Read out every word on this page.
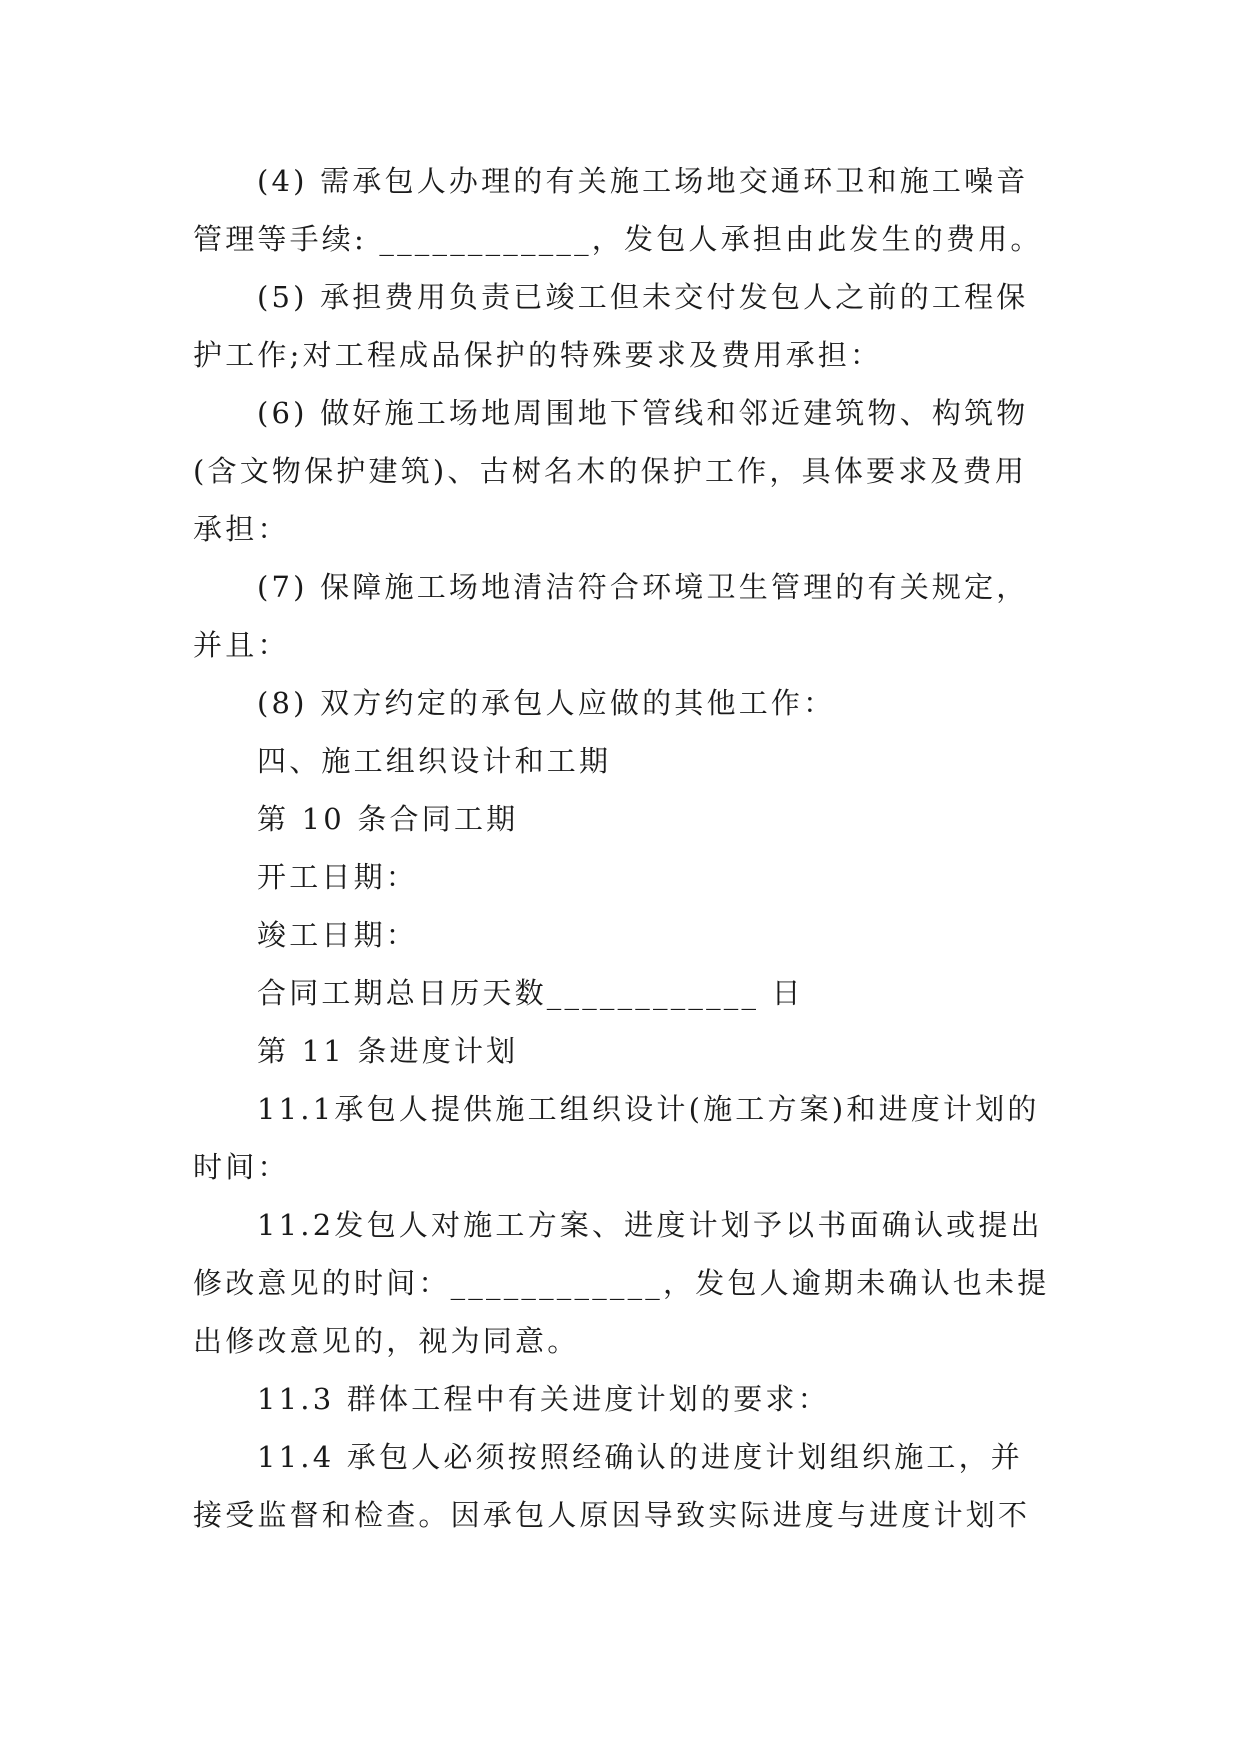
(4) 需承包人办理的有关施工场地交通环卫和施工噪音管理等手续: ____________，发包人承担由此发生的费用。

(5) 承担费用负责已竣工但未交付发包人之前的工程保护工作;对工程成品保护的特殊要求及费用承担：

(6) 做好施工场地周围地下管线和邻近建筑物、构筑物(含文物保护建筑)、古树名木的保护工作，具体要求及费用承担：

(7) 保障施工场地清洁符合环境卫生管理的有关规定，并且：

(8) 双方约定的承包人应做的其他工作：

四、施工组织设计和工期

第 10 条合同工期

开工日期：

竣工日期：

合同工期总日历天数____________ 日

第 11 条进度计划

11.1承包人提供施工组织设计(施工方案)和进度计划的时间：

11.2发包人对施工方案、进度计划予以书面确认或提出修改意见的时间：____________，发包人逾期未确认也未提出修改意见的，视为同意。

11.3 群体工程中有关进度计划的要求：

11.4 承包人必须按照经确认的进度计划组织施工，并接受监督和检查。因承包人原因导致实际进度与进度计划不
